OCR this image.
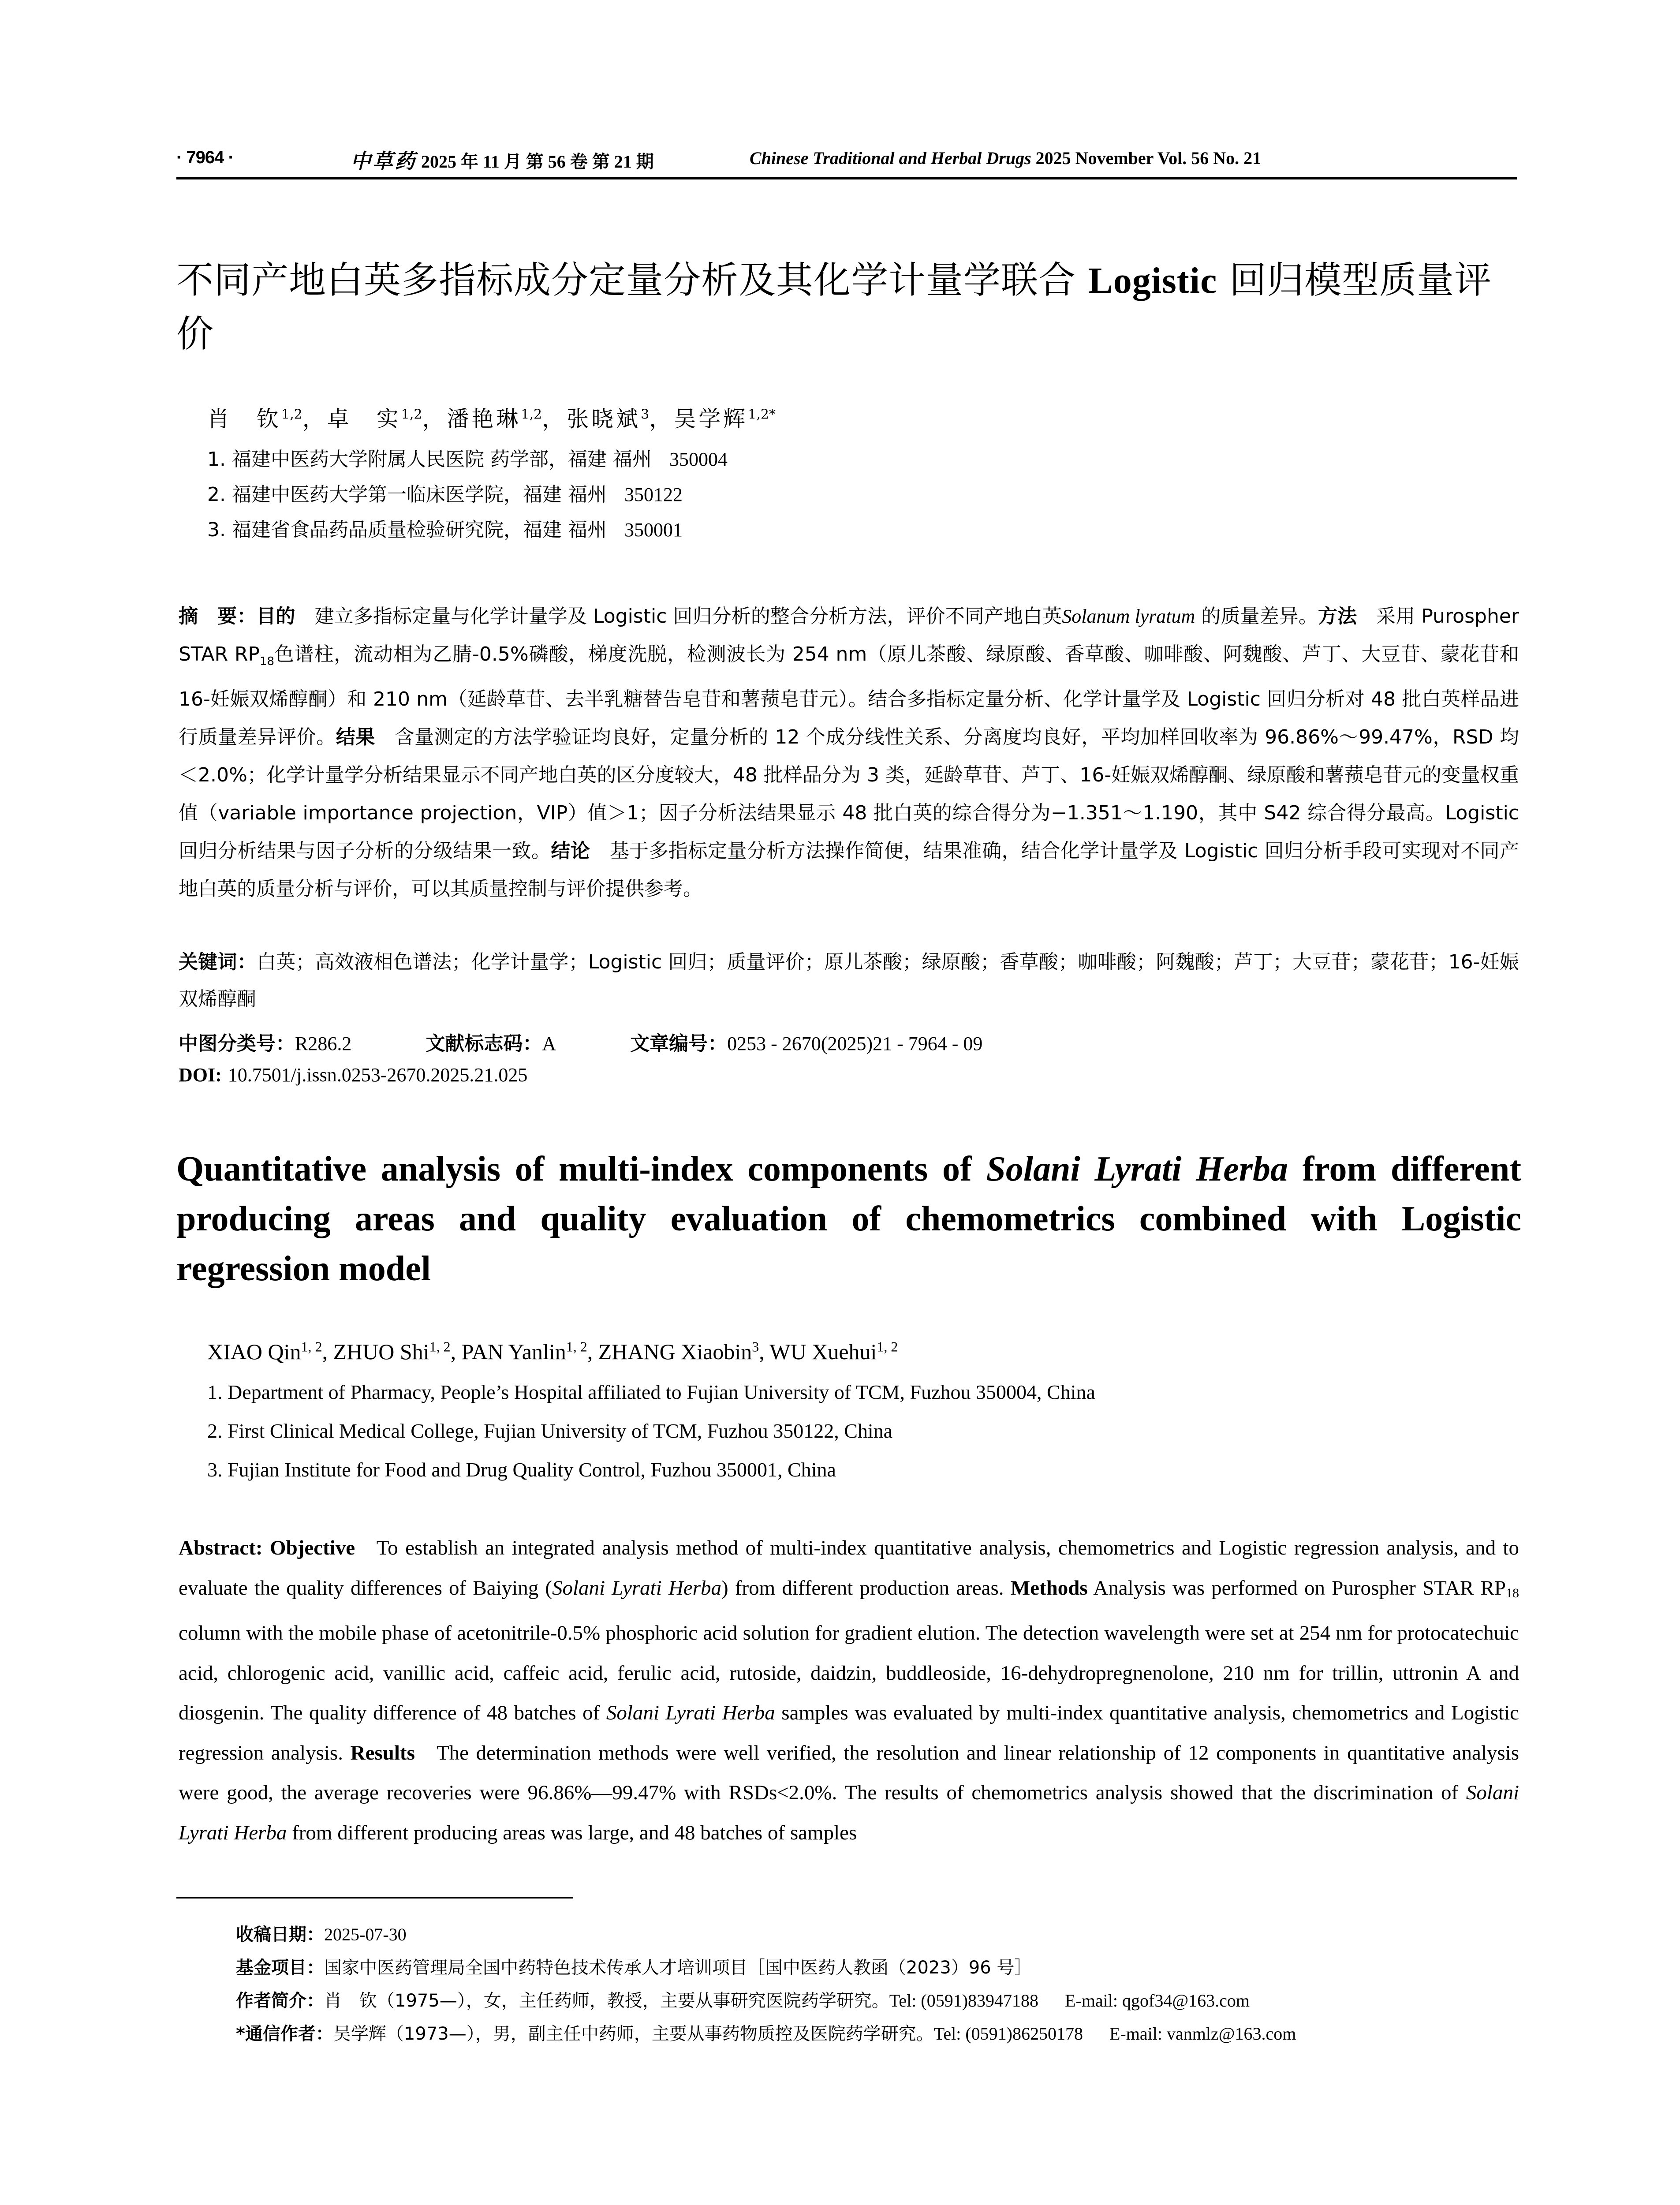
· 7964 ·	中草药 2025 年 11 月 第 56 卷 第 21 期	Chinese Traditional and Herbal Drugs 2025 November Vol. 56 No. 21
不同产地白英多指标成分定量分析及其化学计量学联合 Logistic 回归模型质量评价
肖　钦$^{1,2}$，卓　实$^{1,2}$，潘艳琳$^{1,2}$，张晓斌$^3$，吴学辉$^{1,2*}$
1. 福建中医药大学附属人民医院 药学部，福建 福州 350004
2. 福建中医药大学第一临床医学院，福建 福州 350122
3. 福建省食品药品质量检验研究院，福建 福州 350001
摘　要：目的 建立多指标定量与化学计量学及 Logistic 回归分析的整合分析方法，评价不同产地白英Solanum lyratum 的质量差异。方法 采用 Purospher STAR $RP_{18}$色谱柱，流动相为乙腈-0.5%磷酸，梯度洗脱，检测波长为 254 nm（原儿茶酸、绿原酸、香草酸、咖啡酸、阿魏酸、芦丁、大豆苷、蒙花苷和 16-妊娠双烯醇酮）和 210 nm（延龄草苷、去半乳糖替告皂苷和薯蓣皂苷元）。结合多指标定量分析、化学计量学及 Logistic 回归分析对 48 批白英样品进行质量差异评价。结果 含量测定的方法学验证均良好，定量分析的 12 个成分线性关系、分离度均良好，平均加样回收率为 96.86%～99.47%，RSD 均＜2.0%；化学计量学分析结果显示不同产地白英的区分度较大，48 批样品分为 3 类，延龄草苷、芦丁、16-妊娠双烯醇酮、绿原酸和薯蓣皂苷元的变量权重值（variable importance projection，VIP）值＞1；因子分析法结果显示 48 批白英的综合得分为−1.351～1.190，其中 S42 综合得分最高。Logistic 回归分析结果与因子分析的分级结果一致。结论 基于多指标定量分析方法操作简便，结果准确，结合化学计量学及 Logistic 回归分析手段可实现对不同产地白英的质量分析与评价，可以其质量控制与评价提供参考。
关键词：白英；高效液相色谱法；化学计量学；Logistic 回归；质量评价；原儿茶酸；绿原酸；香草酸；咖啡酸；阿魏酸；芦丁；大豆苷；蒙花苷；16-妊娠双烯醇酮
中图分类号：R286.2	文献标志码：A	文章编号：0253 - 2670(2025)21 - 7964 - 09
DOI: 10.7501/j.issn.0253-2670.2025.21.025
Quantitative analysis of multi-index components of Solani Lyrati Herba from different producing areas and quality evaluation of chemometrics combined with Logistic regression model
XIAO Qin$^{1, 2}$, ZHUO Shi$^{1, 2}$, PAN Yanlin$^{1, 2}$, ZHANG Xiaobin$^3$, WU Xuehui$^{1, 2}$
1. Department of Pharmacy, People’s Hospital affiliated to Fujian University of TCM, Fuzhou 350004, China
2. First Clinical Medical College, Fujian University of TCM, Fuzhou 350122, China
3. Fujian Institute for Food and Drug Quality Control, Fuzhou 350001, China
Abstract: Objective To establish an integrated analysis method of multi-index quantitative analysis, chemometrics and Logistic regression analysis, and to evaluate the quality differences of Baiying (Solani Lyrati Herba) from different production areas. Methods Analysis was performed on Purospher STAR $RP_{18}$ column with the mobile phase of acetonitrile-0.5% phosphoric acid solution for gradient elution. The detection wavelength were set at 254 nm for protocatechuic acid, chlorogenic acid, vanillic acid, caffeic acid, ferulic acid, rutoside, daidzin, buddleoside, 16-dehydropregnenolone, 210 nm for trillin, uttronin A and diosgenin. The quality difference of 48 batches of Solani Lyrati Herba samples was evaluated by multi-index quantitative analysis, chemometrics and Logistic regression analysis. Results The determination methods were well verified, the resolution and linear relationship of 12 components in quantitative analysis were good, the average recoveries were 96.86%—99.47% with RSDs<2.0%. The results of chemometrics analysis showed that the discrimination of Solani Lyrati Herba from different producing areas was large, and 48 batches of samples
收稿日期：2025-07-30
基金项目：国家中医药管理局全国中药特色技术传承人才培训项目［国中医药人教函（2023）96 号］
作者简介：肖　钦（1975—），女，主任药师，教授，主要从事研究医院药学研究。Tel: (0591)83947188 E-mail: qgof34@163.com
*通信作者：吴学辉（1973—），男，副主任中药师，主要从事药物质控及医院药学研究。Tel: (0591)86250178 E-mail: vanmlz@163.com
